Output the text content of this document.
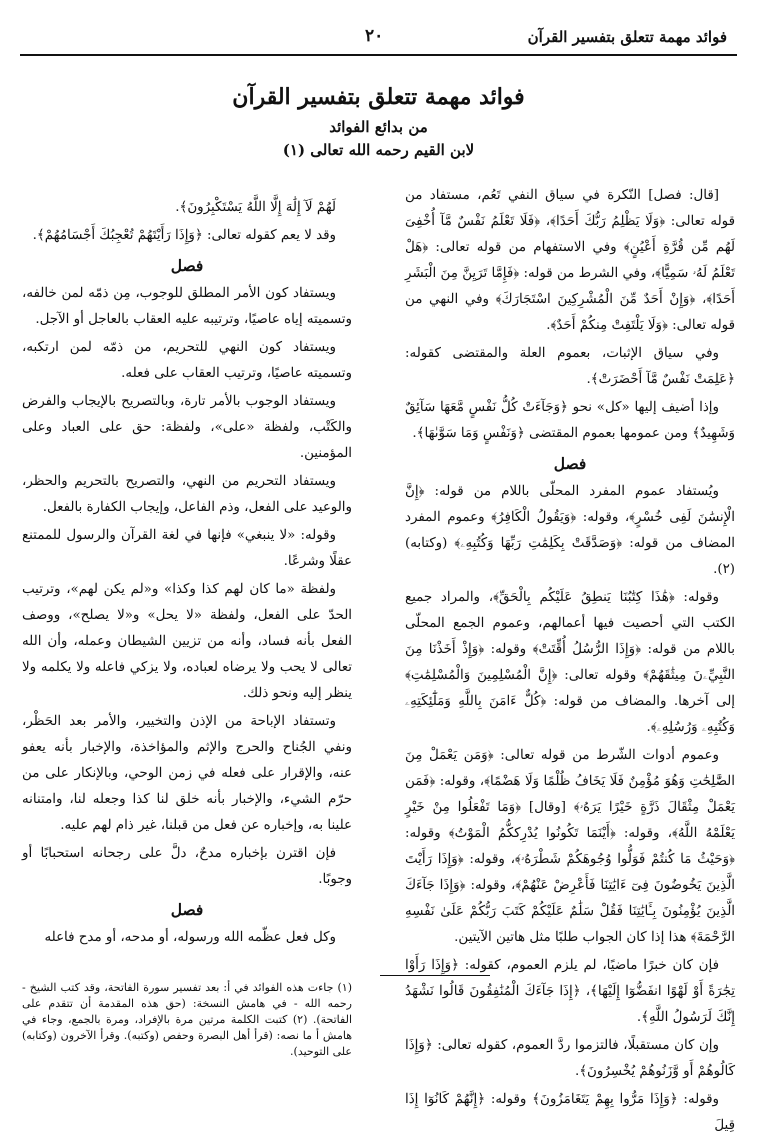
فوائد مهمة تتعلق بتفسير القرآن
٢٠
فوائد مهمة تتعلق بتفسير القرآن
من بدائع الفوائد
لابن القيم رحمه الله تعالى (١)

[قال: فصل] النّكرة في سياق النفي تَعُم، مستفاد من قوله تعالى: ﴿وَلَا يَظْلِمُ رَبُّكَ أَحَدًا﴾، ﴿فَلَا تَعْلَمُ نَفْسٌ مَّآ أُخْفِىَ لَهُم مِّن قُرَّةِ أَعْيُنٍ﴾ وفي الاستفهام من قوله تعالى: ﴿هَلْ تَعْلَمُ لَهُۥ سَمِيًّا﴾، وفي الشرط من قوله: ﴿فَإِمَّا تَرَيِنَّ مِنَ الْبَشَرِ أَحَدًا﴾، ﴿وَإِنْ أَحَدٌ مِّنَ الْمُشْرِكِينَ اسْتَجَارَكَ﴾ وفي النهي من قوله تعالى: ﴿وَلَا يَلْتَفِتْ مِنكُمْ أَحَدٌ﴾.

وفي سياق الإثبات، بعموم العلة والمقتضى كقوله: ﴿عَلِمَتْ نَفْسٌ مَّآ أَحْضَرَتْ﴾.

وإذا أضيف إليها «كل» نحو ﴿وَجَآءَتْ كُلُّ نَفْسٍ مَّعَهَا سَآئِقٌ وَشَهِيدٌ﴾ ومن عمومها بعموم المقتضى ﴿وَنَفْسٍ وَمَا سَوَّىٰهَا﴾.

فصل

ويُستفاد عموم المفرد المحلّى باللام من قوله: ﴿إِنَّ الْإِنسَٰنَ لَفِى خُسْرٍ﴾، وقوله: ﴿وَيَقُولُ الْكَافِرُ﴾ وعموم المفرد المضاف من قوله: ﴿وَصَدَّقَتْ بِكَلِمَٰتِ رَبِّهَا وَكُتُبِهِۦ﴾ (وكتابه) (٢).

وقوله: ﴿هَٰذَا كِتَٰبُنَا يَنطِقُ عَلَيْكُم بِالْحَقِّ﴾، والمراد جميع الكتب التي أحصيت فيها أعمالهم، وعموم الجمع المحلّى باللام من قوله: ﴿وَإِذَا الرُّسُلُ أُقِّتَتْ﴾ وقوله: ﴿وَإِذْ أَخَذْنَا مِنَ النَّبِيِّۦنَ مِيثَٰقَهُمْ﴾ وقوله تعالى: ﴿إِنَّ الْمُسْلِمِينَ وَالْمُسْلِمَٰتِ﴾ إلى آخرها. والمضاف من قوله: ﴿كُلٌّ ءَامَنَ بِاللَّهِ وَمَلَٰٓئِكَتِهِۦ وَكُتُبِهِۦ وَرُسُلِهِۦ﴾.

وعموم أدوات الشّرط من قوله تعالى: ﴿وَمَن يَعْمَلْ مِنَ الصَّٰلِحَٰتِ وَهُوَ مُؤْمِنٌ فَلَا يَخَافُ ظُلْمًا وَلَا هَضْمًا﴾، وقوله: ﴿فَمَن يَعْمَلْ مِثْقَالَ ذَرَّةٍ خَيْرًا يَرَهُۥ﴾ [وقال] ﴿وَمَا تَفْعَلُوا مِنْ خَيْرٍ يَعْلَمْهُ اللَّهُ﴾، وقوله: ﴿أَيْنَمَا تَكُونُوا يُدْرِككُّمُ الْمَوْتُ﴾ وقوله: ﴿وَحَيْثُ مَا كُنتُمْ فَوَلُّوا وُجُوهَكُمْ شَطْرَهُۥ﴾، وقوله: ﴿وَإِذَا رَأَيْتَ الَّذِينَ يَخُوضُونَ فِىٓ ءَايَٰتِنَا فَأَعْرِضْ عَنْهُمْ﴾، وقوله: ﴿وَإِذَا جَآءَكَ الَّذِينَ يُؤْمِنُونَ بِـَٔايَٰتِنَا فَقُلْ سَلَٰمٌ عَلَيْكُمْ كَتَبَ رَبُّكُمْ عَلَىٰ نَفْسِهِ الرَّحْمَةَ﴾ هذا إذا كان الجواب طلبًا مثل هاتين الآيتين.

فإن كان خبرًا ماضيًا، لم يلزم العموم، كقوله: ﴿وَإِذَا رَأَوْا تِجَٰرَةً أَوْ لَهْوًا انفَضُّوٓا إِلَيْهَا﴾، ﴿إِذَا جَآءَكَ الْمُنَٰفِقُونَ قَالُوا نَشْهَدُ إِنَّكَ لَرَسُولُ اللَّهِ﴾.

وإن كان مستقبلًا، فالتزموا ردَّ العموم، كقوله تعالى: ﴿وَإِذَا كَالُوهُمْ أَو وَّزَنُوهُمْ يُخْسِرُونَ﴾.

وقوله: ﴿وَإِذَا مَرُّوا بِهِمْ يَتَغَامَزُونَ﴾ وقوله: ﴿إِنَّهُمْ كَانُوٓا إِذَا قِيلَ

لَهُمْ لَآ إِلَٰهَ إِلَّا اللَّهُ يَسْتَكْبِرُونَ﴾.

وقد لا يعم كقوله تعالى: ﴿وَإِذَا رَأَيْتَهُمْ تُعْجِبُكَ أَجْسَامُهُمْ﴾.

فصل

ويستفاد كون الأمر المطلق للوجوب، مِن ذمّه لمن خالفه، وتسميته إياه عاصيًا، وترتيبه عليه العقاب بالعاجل أو الآجل.

ويستفاد كون النهي للتحريم، من ذمّه لمن ارتكبه، وتسميته عاصيًا، وترتيب العقاب على فعله.

ويستفاد الوجوب بالأمر تارة، وبالتصريح بالإيجاب والفرض والكَتْب، ولفظة «على»، ولفظة: حق على العباد وعلى المؤمنين.

ويستفاد التحريم من النهي، والتصريح بالتحريم والحظر، والوعيد على الفعل، وذم الفاعل، وإيجاب الكفارة بالفعل.

وقوله: «لا ينبغي» فإنها في لغة القرآن والرسول للممتنع عقلًا وشرعًا.

ولفظة «ما كان لهم كذا وكذا» و«لم يكن لهم»، وترتيب الحدّ على الفعل، ولفظة «لا يحل» و«لا يصلح»، ووصف الفعل بأنه فساد، وأنه من تزيين الشيطان وعمله، وأن الله تعالى لا يحب ولا يرضاه لعباده، ولا يزكي فاعله ولا يكلمه ولا ينظر إليه ونحو ذلك.

وتستفاد الإباحة من الإذن والتخيير، والأمر بعد الحَظْر، ونفي الجُناح والحرج والإثم والمؤاخذة، والإخبار بأنه يعفو عنه، والإقرار على فعله في زمن الوحي، وبالإنكار على من حرّم الشيء، والإخبار بأنه خلق لنا كذا وجعله لنا، وامتنانه علينا به، وإخباره عن فعل من قبلنا، غير ذام لهم عليه.

فإن اقترن بإخباره مدحٌ، دلَّ على رجحانه استحبابًا أو وجوبًا.

فصل

وكل فعل عظّمه الله ورسوله، أو مدحه، أو مدح فاعله

(١) جاءت هذه الفوائد في أ: بعد تفسير سورة الفاتحة، وقد كتب الشيخ - رحمه الله - في هامش النسخة: (حق هذه المقدمة أن تتقدم على الفاتحة). (٢) كتبت الكلمة مرتين مرة بالإفراد، ومرة بالجمع، وجاء في هامش أ ما نصه: (قرأ أهل البصرة وحفص (وكتبه). وقرأ الآخرون (وكتابه) على التوحيد).
